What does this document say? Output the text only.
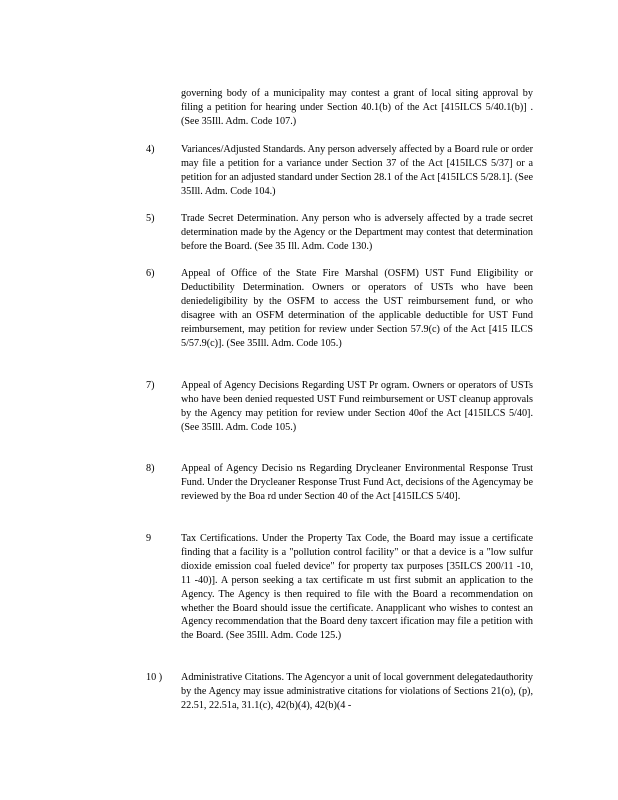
governing body of a municipality may contest a grant of local siting approval by filing a petition for hearing under Section 40.1(b) of the Act [415ILCS 5/40.1(b)] . (See 35Ill. Adm. Code 107.)
4)	Variances/Adjusted Standards. Any person adversely affected by a Board rule or order may file a petition for a variance under Section 37 of the Act [415ILCS 5/37] or a petition for an adjusted standard under Section 28.1 of the Act [415ILCS 5/28.1]. (See 35Ill. Adm. Code 104.)
5)	Trade Secret Determination. Any person who is adversely affected by a trade secret determination made by the Agency or the Department may contest that determination before the Board. (See 35 Ill. Adm. Code 130.)
6)	Appeal of Office of the State Fire Marshal (OSFM) UST Fund Eligibility or Deductibility Determination. Owners or operators of USTs who have been deniedeligibility by the OSFM to access the UST reimbursement fund, or who disagree with an OSFM determination of the applicable deductible for UST Fund reimbursement, may petition for review under Section 57.9(c) of the Act [415 ILCS 5/57.9(c)]. (See 35Ill. Adm. Code 105.)
7)	Appeal of Agency Decisions Regarding UST Pr ogram. Owners or operators of USTs who have been denied requested UST Fund reimbursement or UST cleanup approvals by the Agency may petition for review under Section 40of the Act [415ILCS 5/40]. (See 35Ill. Adm. Code 105.)
8)	Appeal of Agency Decisio ns Regarding Drycleaner Environmental Response Trust Fund. Under the Drycleaner Response Trust Fund Act, decisions of the Agencymay be reviewed by the Boa rd under Section 40 of the Act [415ILCS 5/40].
9	Tax Certifications. Under the Property Tax Code, the Board may issue a certificate finding that a facility is a "pollution control facility" or that a device is a "low sulfur dioxide emission coal fueled device" for property tax purposes [35ILCS 200/11 -10, 11 -40)]. A person seeking a tax certificate m ust first submit an application to the Agency. The Agency is then required to file with the Board a recommendation on whether the Board should issue the certificate. Anapplicant who wishes to contest an Agency recommendation that the Board deny taxcert ification may file a petition with the Board. (See 35Ill. Adm. Code 125.)
10 )	Administrative Citations. The Agencyor a unit of local government delegatedauthority by the Agency may issue administrative citations for violations of Sections 21(o), (p), 22.51, 22.51a, 31.1(c), 42(b)(4), 42(b)(4 -
